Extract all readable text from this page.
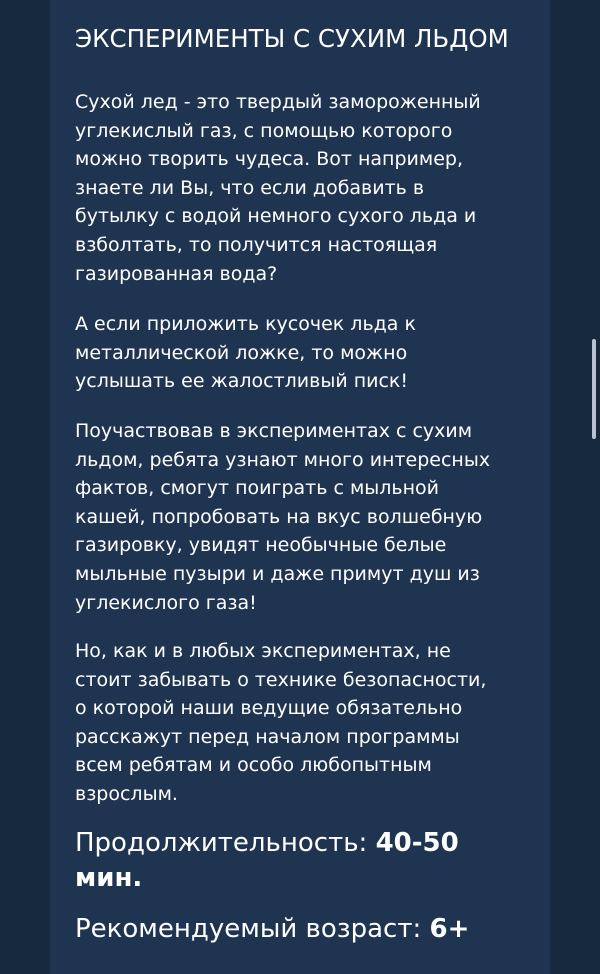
ЭКСПЕРИМЕНТЫ С СУХИМ ЛЬДОМ

Сухой лед - это твердый замороженный
углекислый газ, с помощью которого
можно творить чудеса. Вот например,
знаете ли Вы, что если добавить в
бутылку с водой немного сухого льда и
взболтать, то получится настоящая
газированная вода?

А если приложить кусочек льда к
металлической ложке, то можно
услышать ее жалостливый писк!

Поучаствовав в экспериментах с сухим
льдом, ребята узнают много интересных
фактов, смогут поиграть с мыльной
кашей, попробовать на вкус волшебную
газировку, увидят необычные белые
мыльные пузыри и даже примут душ из
углекислого газа!

Но, как и в любых экспериментах, не
стоит забывать о технике безопасности,
о которой наши ведущие обязательно
расскажут перед началом программы
всем ребятам и особо любопытным
взрослым.

Продолжительность: 40-50
мин.
Рекомендуемый возраст: 6+
